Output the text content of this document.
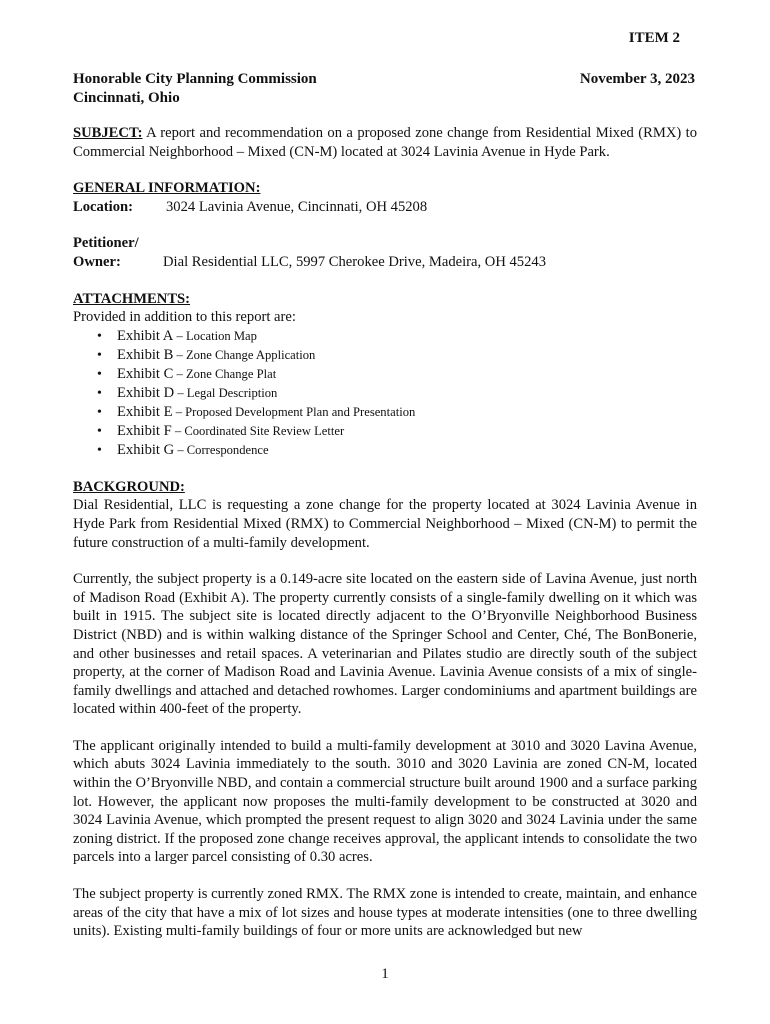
ITEM 2
Honorable City Planning Commission
Cincinnati, Ohio
November 3, 2023

SUBJECT: A report and recommendation on a proposed zone change from Residential Mixed (RMX) to Commercial Neighborhood – Mixed (CN-M) located at 3024 Lavinia Avenue in Hyde Park.

GENERAL INFORMATION:
Location:	3024 Lavinia Avenue, Cincinnati, OH 45208
Petitioner/
Owner:	Dial Residential LLC, 5997 Cherokee Drive, Madeira, OH 45243
ATTACHMENTS:
Provided in addition to this report are:
• Exhibit A – Location Map
• Exhibit B – Zone Change Application
• Exhibit C – Zone Change Plat
• Exhibit D – Legal Description
• Exhibit E – Proposed Development Plan and Presentation
• Exhibit F – Coordinated Site Review Letter
• Exhibit G – Correspondence
BACKGROUND:

Dial Residential, LLC is requesting a zone change for the property located at 3024 Lavinia Avenue in Hyde Park from Residential Mixed (RMX) to Commercial Neighborhood – Mixed (CN-M) to permit the future construction of a multi-family development.

Currently, the subject property is a 0.149-acre site located on the eastern side of Lavina Avenue, just north of Madison Road (Exhibit A). The property currently consists of a single-family dwelling on it which was built in 1915. The subject site is located directly adjacent to the O’Bryonville Neighborhood Business District (NBD) and is within walking distance of the Springer School and Center, Ché, The BonBonerie, and other businesses and retail spaces. A veterinarian and Pilates studio are directly south of the subject property, at the corner of Madison Road and Lavinia Avenue. Lavinia Avenue consists of a mix of single-family dwellings and attached and detached rowhomes. Larger condominiums and apartment buildings are located within 400-feet of the property.

The applicant originally intended to build a multi-family development at 3010 and 3020 Lavina Avenue, which abuts 3024 Lavinia immediately to the south. 3010 and 3020 Lavinia are zoned CN-M, located within the O’Bryonville NBD, and contain a commercial structure built around 1900 and a surface parking lot. However, the applicant now proposes the multi-family development to be constructed at 3020 and 3024 Lavinia Avenue, which prompted the present request to align 3020 and 3024 Lavinia under the same zoning district. If the proposed zone change receives approval, the applicant intends to consolidate the two parcels into a larger parcel consisting of 0.30 acres.

The subject property is currently zoned RMX. The RMX zone is intended to create, maintain, and enhance areas of the city that have a mix of lot sizes and house types at moderate intensities (one to three dwelling units). Existing multi-family buildings of four or more units are acknowledged but new

1
